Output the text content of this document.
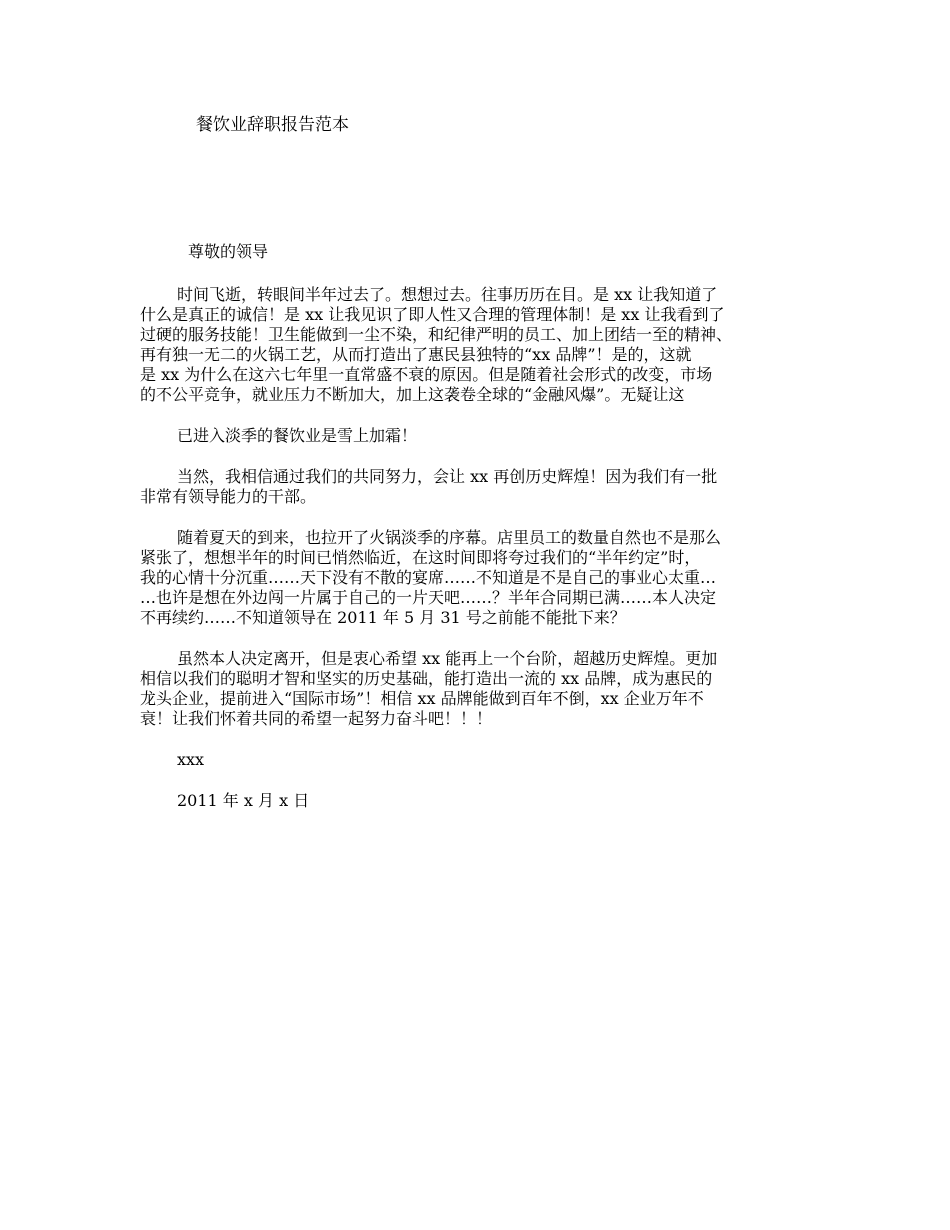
餐饮业辞职报告范本
尊敬的领导
时间飞逝，转眼间半年过去了。想想过去。往事历历在目。是 xx 让我知道了
什么是真正的诚信！是 xx 让我见识了即人性又合理的管理体制！是 xx 让我看到了
过硬的服务技能！卫生能做到一尘不染，和纪律严明的员工、加上团结一至的精神、
再有独一无二的火锅工艺，从而打造出了惠民县独特的“xx 品牌”！是的，这就
是 xx 为什么在这六七年里一直常盛不衰的原因。但是随着社会形式的改变，市场
的不公平竞争，就业压力不断加大，加上这袭卷全球的“金融风爆”。无疑让这
已进入淡季的餐饮业是雪上加霜！
当然，我相信通过我们的共同努力，会让 xx 再创历史辉煌！因为我们有一批
非常有领导能力的干部。
随着夏天的到来，也拉开了火锅淡季的序幕。店里员工的数量自然也不是那么
紧张了，想想半年的时间已悄然临近，在这时间即将夸过我们的“半年约定”时，
我的心情十分沉重……天下没有不散的宴席……不知道是不是自己的事业心太重…
…也许是想在外边闯一片属于自己的一片天吧……？半年合同期已满……本人决定
不再续约……不知道领导在 2011 年 5 月 31 号之前能不能批下来？
虽然本人决定离开，但是衷心希望 xx 能再上一个台阶，超越历史辉煌。更加
相信以我们的聪明才智和坚实的历史基础，能打造出一流的 xx 品牌，成为惠民的
龙头企业，提前进入“国际市场”！相信 xx 品牌能做到百年不倒，xx 企业万年不
衰！让我们怀着共同的希望一起努力奋斗吧！！！
xxx
2011 年 x 月 x 日
